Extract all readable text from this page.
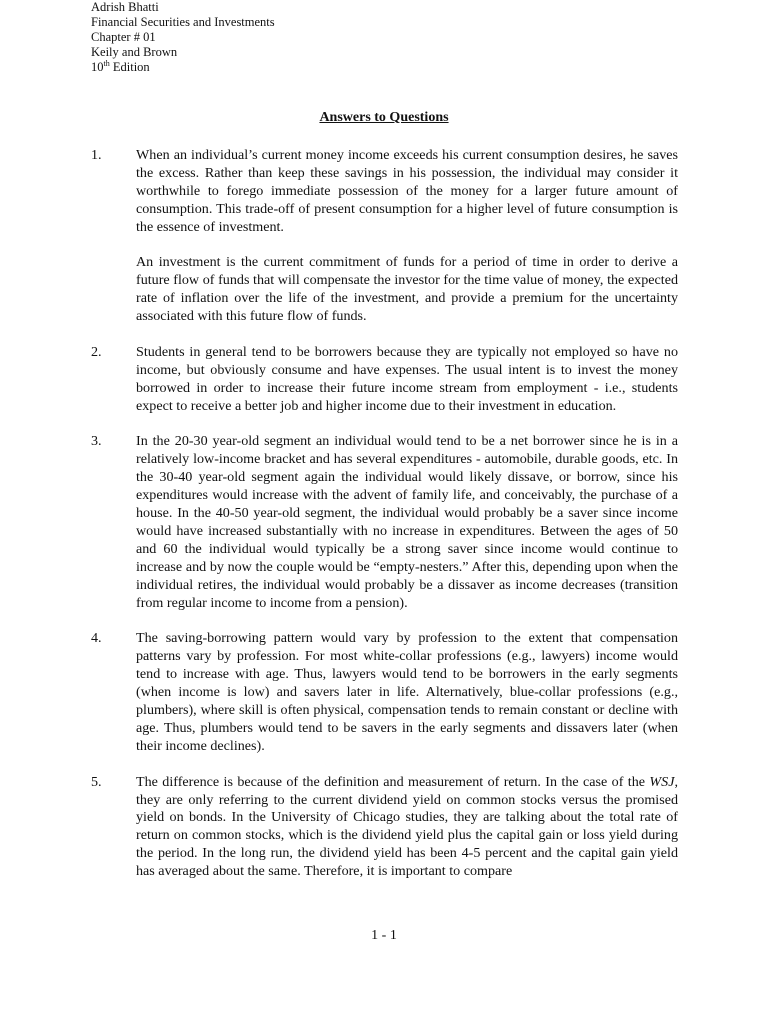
Adrish Bhatti
Financial Securities and Investments
Chapter # 01
Keily and Brown
10th Edition
Answers to Questions
1. When an individual’s current money income exceeds his current consumption desires, he saves the excess. Rather than keep these savings in his possession, the individual may consider it worthwhile to forego immediate possession of the money for a larger future amount of consumption. This trade-off of present consumption for a higher level of future consumption is the essence of investment.

An investment is the current commitment of funds for a period of time in order to derive a future flow of funds that will compensate the investor for the time value of money, the expected rate of inflation over the life of the investment, and provide a premium for the uncertainty associated with this future flow of funds.

2. Students in general tend to be borrowers because they are typically not employed so have no income, but obviously consume and have expenses. The usual intent is to invest the money borrowed in order to increase their future income stream from employment - i.e., students expect to receive a better job and higher income due to their investment in education.

3. In the 20-30 year-old segment an individual would tend to be a net borrower since he is in a relatively low-income bracket and has several expenditures - automobile, durable goods, etc. In the 30-40 year-old segment again the individual would likely dissave, or borrow, since his expenditures would increase with the advent of family life, and conceivably, the purchase of a house. In the 40-50 year-old segment, the individual would probably be a saver since income would have increased substantially with no increase in expenditures. Between the ages of 50 and 60 the individual would typically be a strong saver since income would continue to increase and by now the couple would be “empty-nesters.” After this, depending upon when the individual retires, the individual would probably be a dissaver as income decreases (transition from regular income to income from a pension).

4. The saving-borrowing pattern would vary by profession to the extent that compensation patterns vary by profession. For most white-collar professions (e.g., lawyers) income would tend to increase with age. Thus, lawyers would tend to be borrowers in the early segments (when income is low) and savers later in life. Alternatively, blue-collar professions (e.g., plumbers), where skill is often physical, compensation tends to remain constant or decline with age. Thus, plumbers would tend to be savers in the early segments and dissavers later (when their income declines).

5. The difference is because of the definition and measurement of return. In the case of the WSJ, they are only referring to the current dividend yield on common stocks versus the promised yield on bonds. In the University of Chicago studies, they are talking about the total rate of return on common stocks, which is the dividend yield plus the capital gain or loss yield during the period. In the long run, the dividend yield has been 4-5 percent and the capital gain yield has averaged about the same. Therefore, it is important to compare

1 - 1
